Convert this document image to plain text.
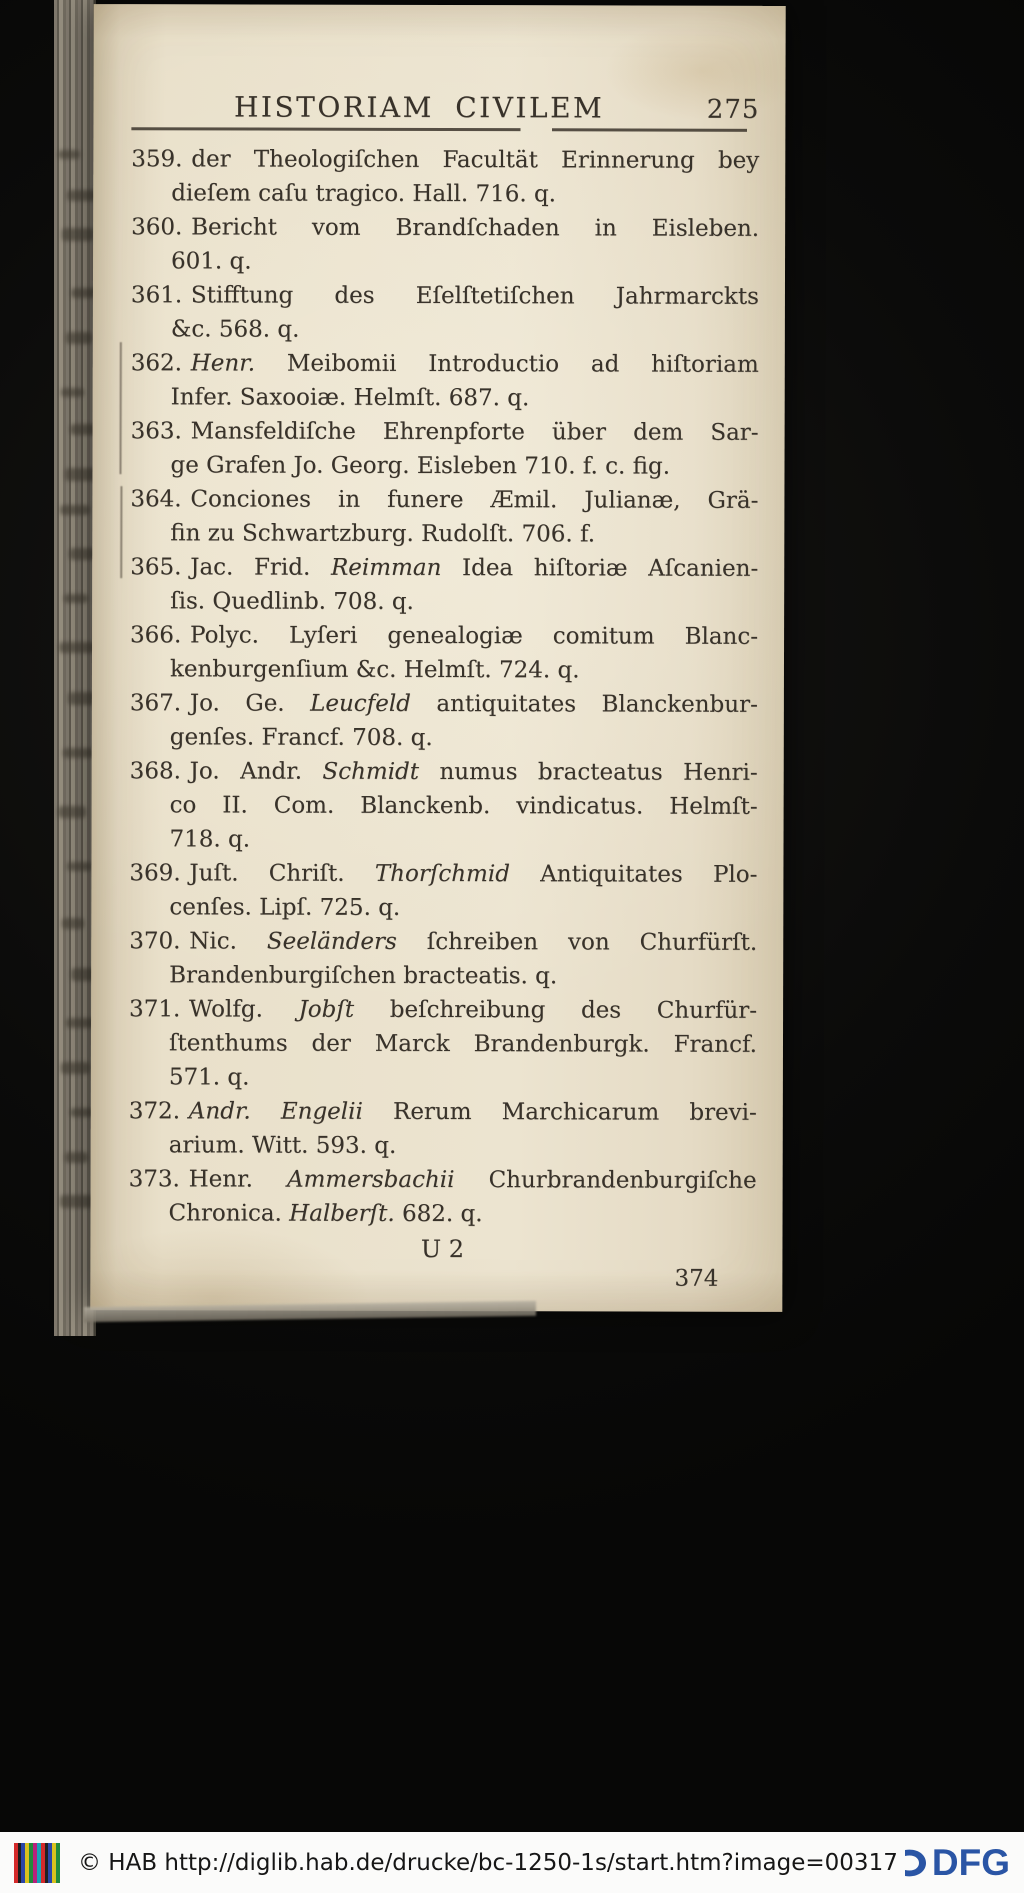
HISTORIAM CIVILEM	275
359. der Theologiſchen Facultät Erinnerung bey
dieſem caſu tragico. Hall. 716. q.
360. Bericht vom Brandſchaden in Eisleben.
601. q.
361. Stifftung des Eſelſtetiſchen Jahrmarckts
&c. 568. q.
362. Henr. Meibomii Introductio ad hiſtoriam
Infer. Saxooiæ. Helmſt. 687. q.
363. Mansfeldiſche Ehrenpforte über dem Sar-
ge Grafen Jo. Georg. Eisleben 710. f. c. fig.
364. Conciones in funere Æmil. Julianæ, Grä-
fin zu Schwartzburg. Rudolſt. 706. f.
365. Jac. Frid. Reimman Idea hiſtoriæ Aſcanien-
ſis. Quedlinb. 708. q.
366. Polyc. Lyſeri genealogiæ comitum Blanc-
kenburgenſium &c. Helmſt. 724. q.
367. Jo. Ge. Leucfeld antiquitates Blanckenbur-
genſes. Francf. 708. q.
368. Jo. Andr. Schmidt numus bracteatus Henri-
co II. Com. Blanckenb. vindicatus. Helmſt-
718. q.
369. Juſt. Chriſt. Thorſchmid Antiquitates Plo-
cenſes. Lipſ. 725. q.
370. Nic. Seeländers ſchreiben von Churfürſt.
Brandenburgiſchen bracteatis. q.
371. Wolfg. Jobſt beſchreibung des Churfür-
ſtenthums der Marck Brandenburgk. Francf.
571. q.
372. Andr. Engelii Rerum Marchicarum brevi-
arium. Witt. 593. q.
373. Henr. Ammersbachii Churbrandenburgiſche
Chronica. Halberſt. 682. q.
U 2
374
© HAB http://diglib.hab.de/drucke/bc-1250-1s/start.htm?image=00317 DFG
